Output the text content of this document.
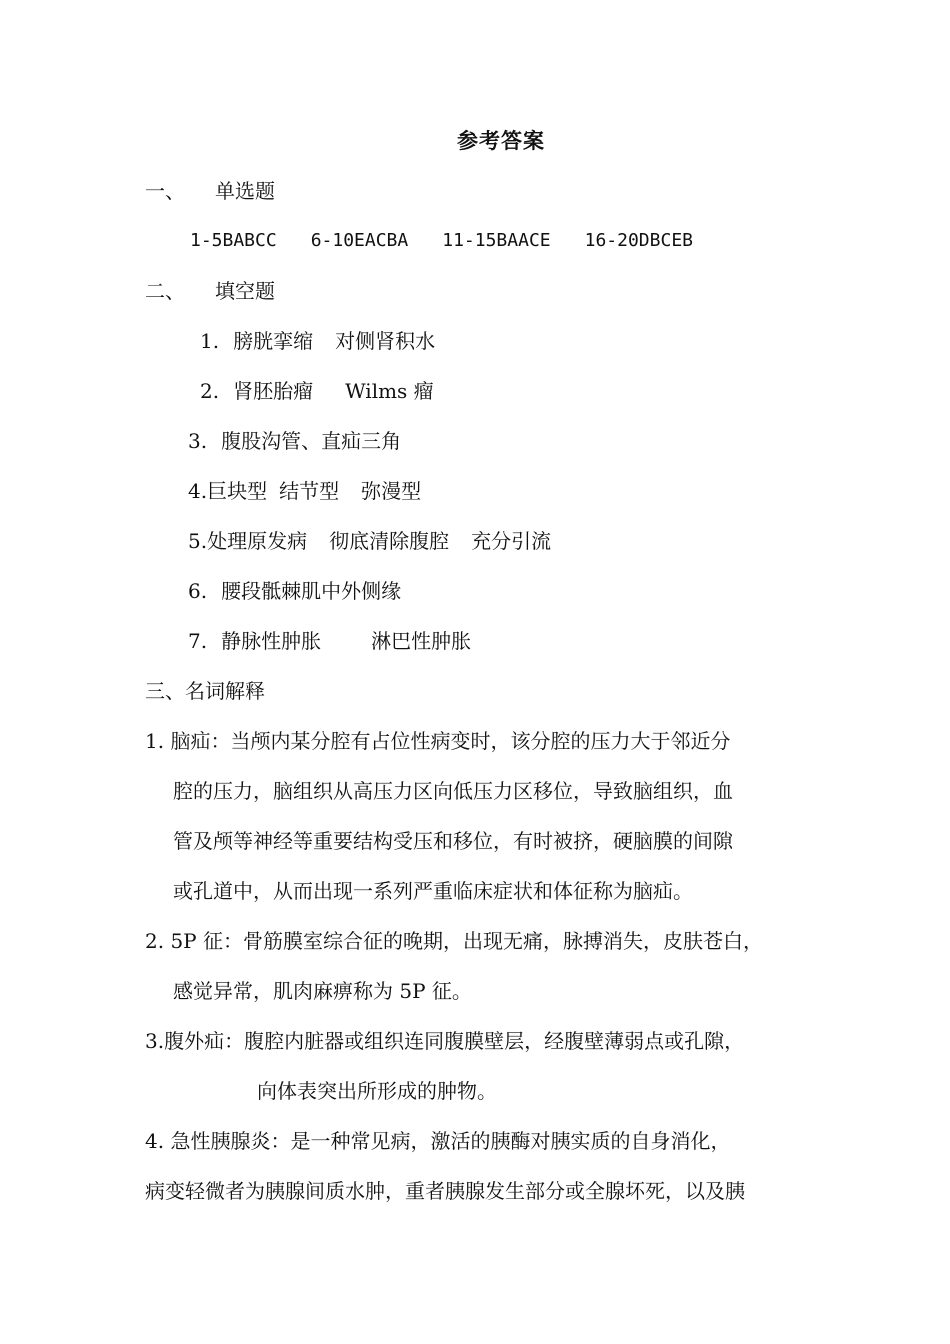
参考答案
一、 单选题
1-5BABCC 6-10EACBA 11-15BAACE 16-20DBCEB
二、 填空题
1. 膀胱挛缩 对侧肾积水
2. 肾胚胎瘤 Wilms 瘤
3. 腹股沟管、直疝三角
4.巨块型 结节型 弥漫型
5.处理原发病 彻底清除腹腔 充分引流
6. 腰段骶棘肌中外侧缘
7. 静脉性肿胀	淋巴性肿胀
三、名词解释
1. 脑疝：当颅内某分腔有占位性病变时，该分腔的压力大于邻近分
腔的压力，脑组织从高压力区向低压力区移位，导致脑组织，血
管及颅等神经等重要结构受压和移位，有时被挤，硬脑膜的间隙
或孔道中，从而出现一系列严重临床症状和体征称为脑疝。
2. 5P 征：骨筋膜室综合征的晚期，出现无痛，脉搏消失，皮肤苍白，
感觉异常，肌肉麻痹称为 5P 征。
3.腹外疝：腹腔内脏器或组织连同腹膜壁层，经腹壁薄弱点或孔隙，
向体表突出所形成的肿物。
4. 急性胰腺炎：是一种常见病，激活的胰酶对胰实质的自身消化，
病变轻微者为胰腺间质水肿，重者胰腺发生部分或全腺坏死，以及胰
